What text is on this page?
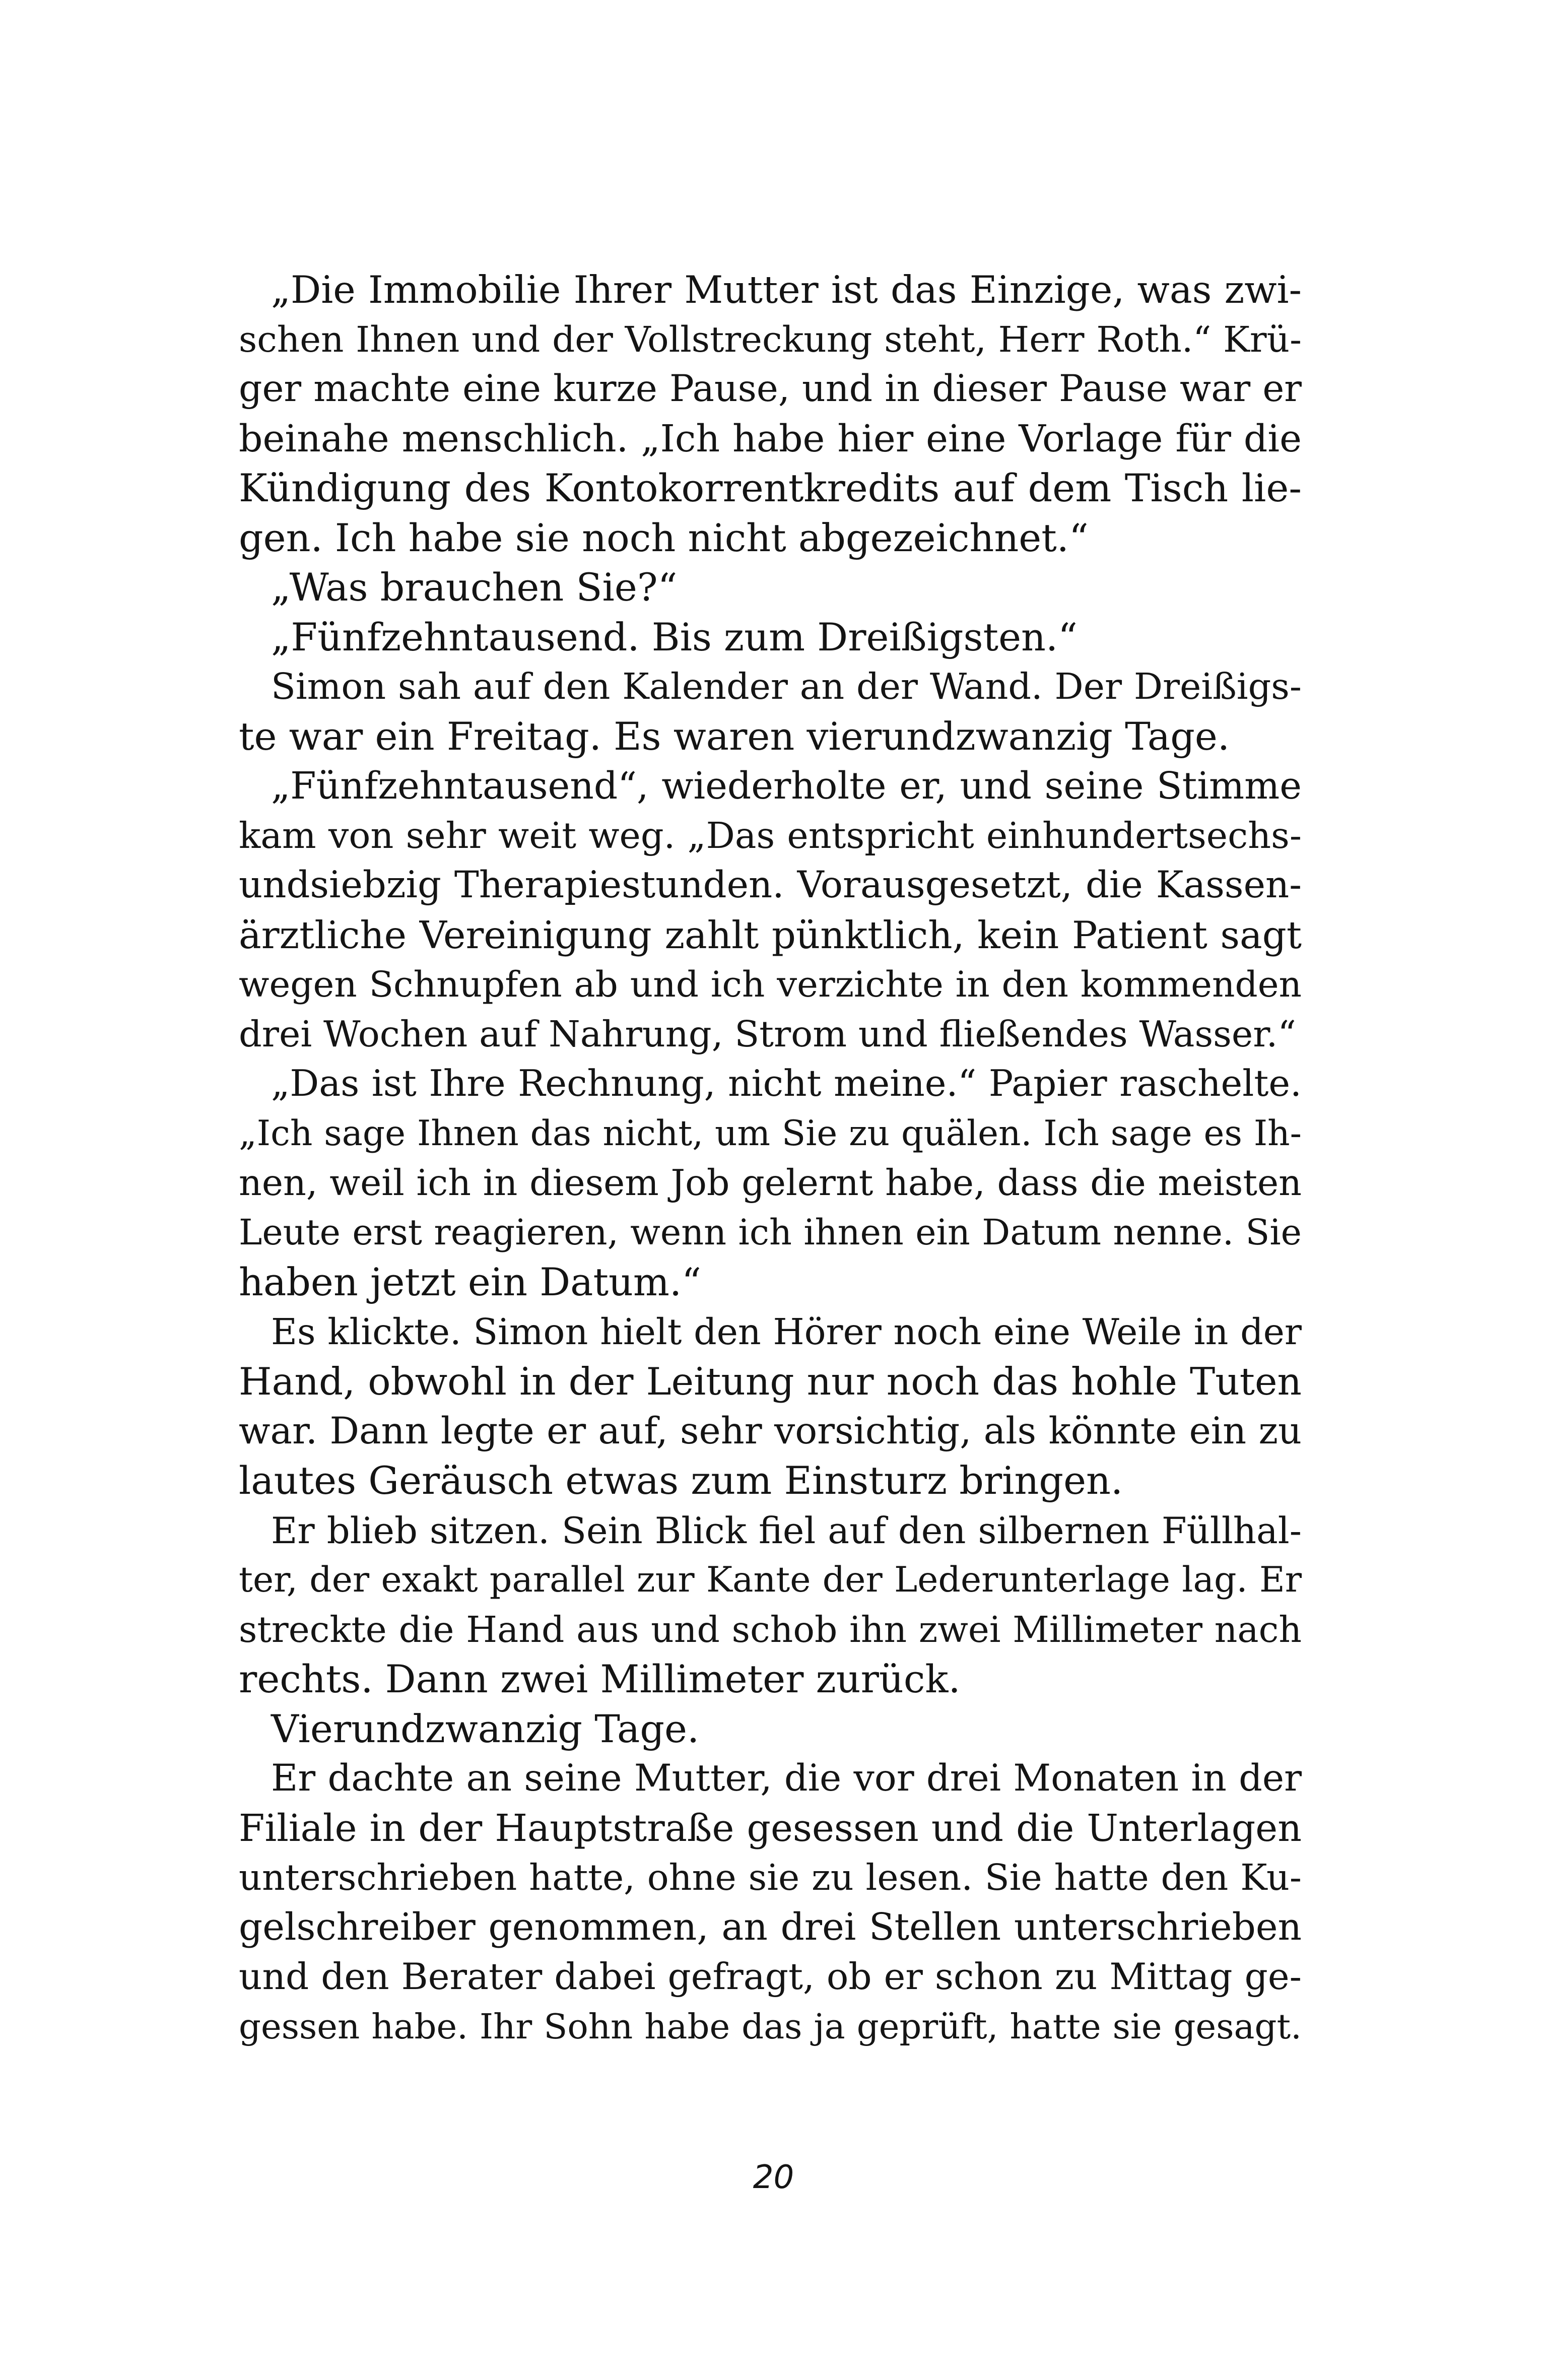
„Die Immobilie Ihrer Mutter ist das Einzige, was zwi-
schen Ihnen und der Vollstreckung steht, Herr Roth.“ Krü-
ger machte eine kurze Pause, und in dieser Pause war er
beinahe menschlich. „Ich habe hier eine Vorlage für die
Kündigung des Kontokorrentkredits auf dem Tisch lie-
gen. Ich habe sie noch nicht abgezeichnet.“
„Was brauchen Sie?“
„Fünfzehntausend. Bis zum Dreißigsten.“
Simon sah auf den Kalender an der Wand. Der Dreißigs-
te war ein Freitag. Es waren vierundzwanzig Tage.
„Fünfzehntausend“, wiederholte er, und seine Stimme
kam von sehr weit weg. „Das entspricht einhundertsechs-
undsiebzig Therapiestunden. Vorausgesetzt, die Kassen-
ärztliche Vereinigung zahlt pünktlich, kein Patient sagt
wegen Schnupfen ab und ich verzichte in den kommenden
drei Wochen auf Nahrung, Strom und fließendes Wasser.“
„Das ist Ihre Rechnung, nicht meine.“ Papier raschelte.
„Ich sage Ihnen das nicht, um Sie zu quälen. Ich sage es Ih-
nen, weil ich in diesem Job gelernt habe, dass die meisten
Leute erst reagieren, wenn ich ihnen ein Datum nenne. Sie
haben jetzt ein Datum.“
Es klickte. Simon hielt den Hörer noch eine Weile in der
Hand, obwohl in der Leitung nur noch das hohle Tuten
war. Dann legte er auf, sehr vorsichtig, als könnte ein zu
lautes Geräusch etwas zum Einsturz bringen.
Er blieb sitzen. Sein Blick fiel auf den silbernen Füllhal-
ter, der exakt parallel zur Kante der Lederunterlage lag. Er
streckte die Hand aus und schob ihn zwei Millimeter nach
rechts. Dann zwei Millimeter zurück.
Vierundzwanzig Tage.
Er dachte an seine Mutter, die vor drei Monaten in der
Filiale in der Hauptstraße gesessen und die Unterlagen
unterschrieben hatte, ohne sie zu lesen. Sie hatte den Ku-
gelschreiber genommen, an drei Stellen unterschrieben
und den Berater dabei gefragt, ob er schon zu Mittag ge-
gessen habe. Ihr Sohn habe das ja geprüft, hatte sie gesagt.
20
